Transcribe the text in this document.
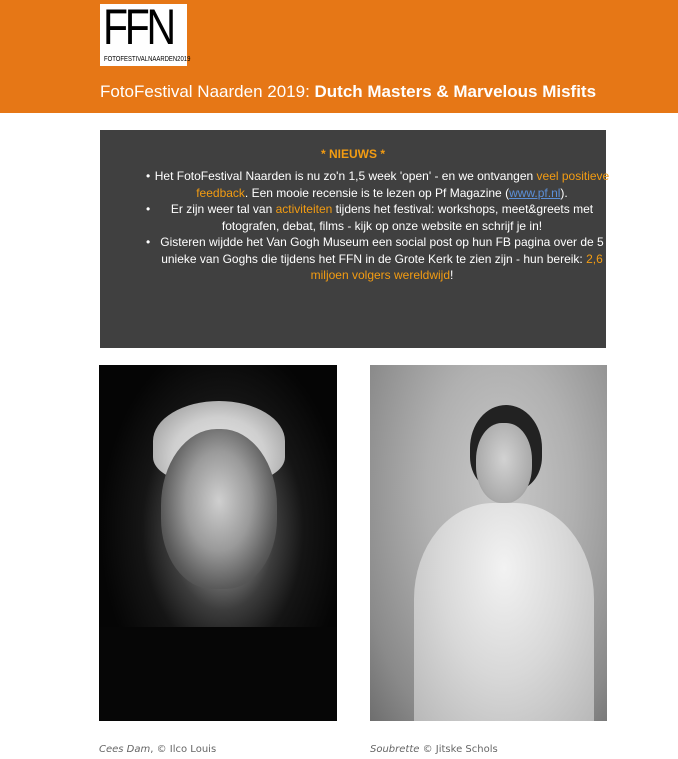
FFN
FOTOFESTIVALNAARDEN2019
FotoFestival Naarden 2019: Dutch Masters & Marvelous Misfits
* NIEUWS *
• Het FotoFestival Naarden is nu zo'n 1,5 week 'open' - en we ontvangen veel positieve feedback. Een mooie recensie is te lezen op Pf Magazine (www.pf.nl).
• Er zijn weer tal van activiteiten tijdens het festival: workshops, meet&greets met fotografen, debat, films - kijk op onze website en schrijf je in!
• Gisteren wijdde het Van Gogh Museum een social post op hun FB pagina over de 5 unieke van Goghs die tijdens het FFN in de Grote Kerk te zien zijn - hun bereik: 2,6 miljoen volgers wereldwijd!
Cees Dam, © Ilco Louis	Soubrette © Jitske Schols
